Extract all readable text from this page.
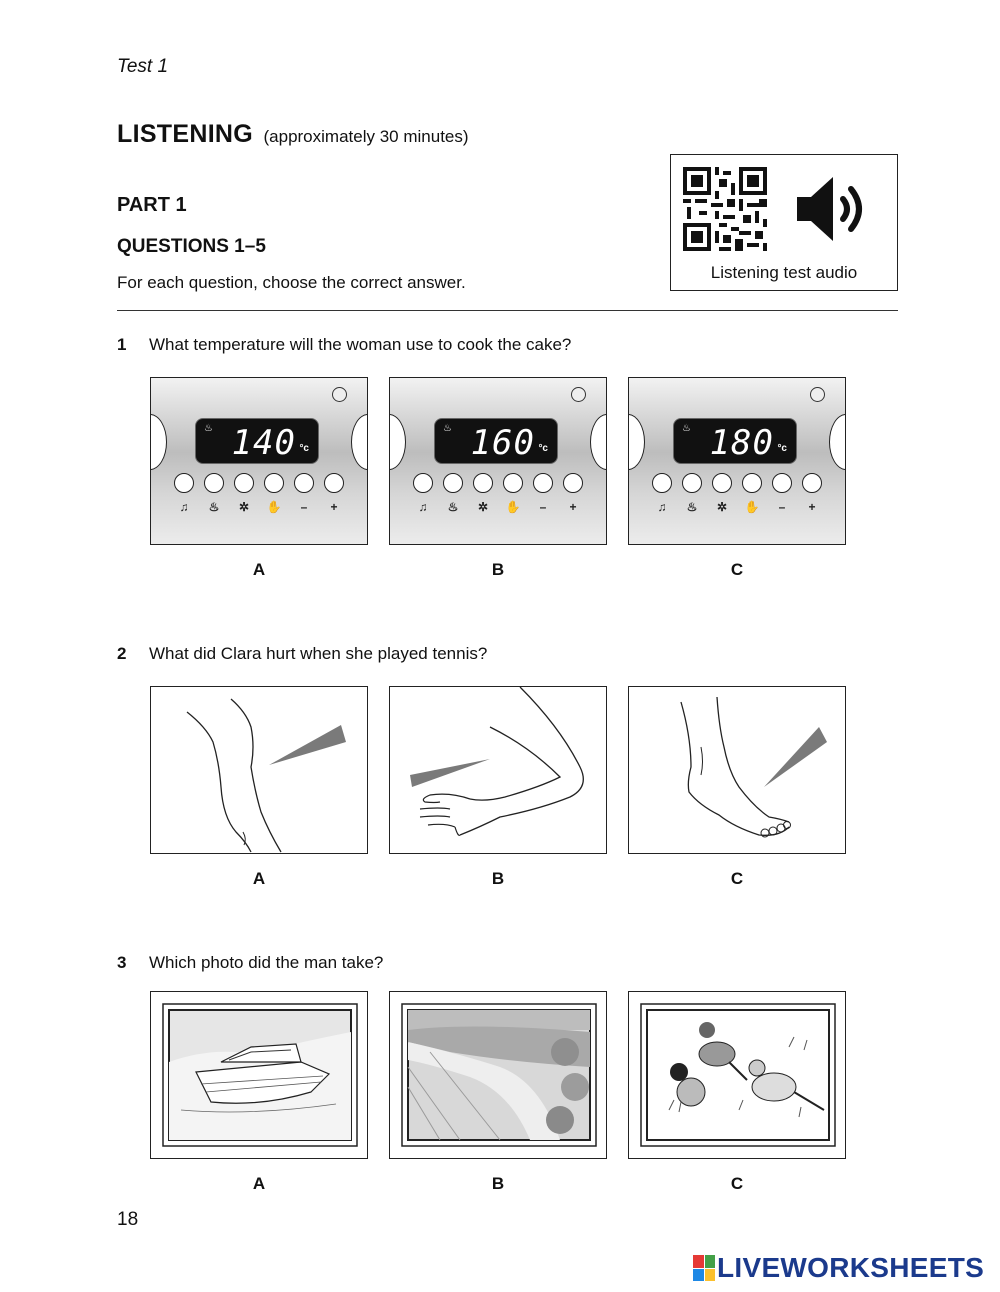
Test 1
LISTENING (approximately 30 minutes)
PART 1
QUESTIONS 1–5
For each question, choose the correct answer.
Listening test audio
1 What temperature will the woman use to cook the cake?
♨ 140 °c
♫	♨	✲	✋	–	+
A
♨ 160 °c
♫	♨	✲	✋	–	+
B
♨ 180 °c
♫	♨	✲	✋	–	+
C
2 What did Clara hurt when she played tennis?
A	B	C
3 Which photo did the man take?
A	B	C
18
LIVEWORKSHEETS
